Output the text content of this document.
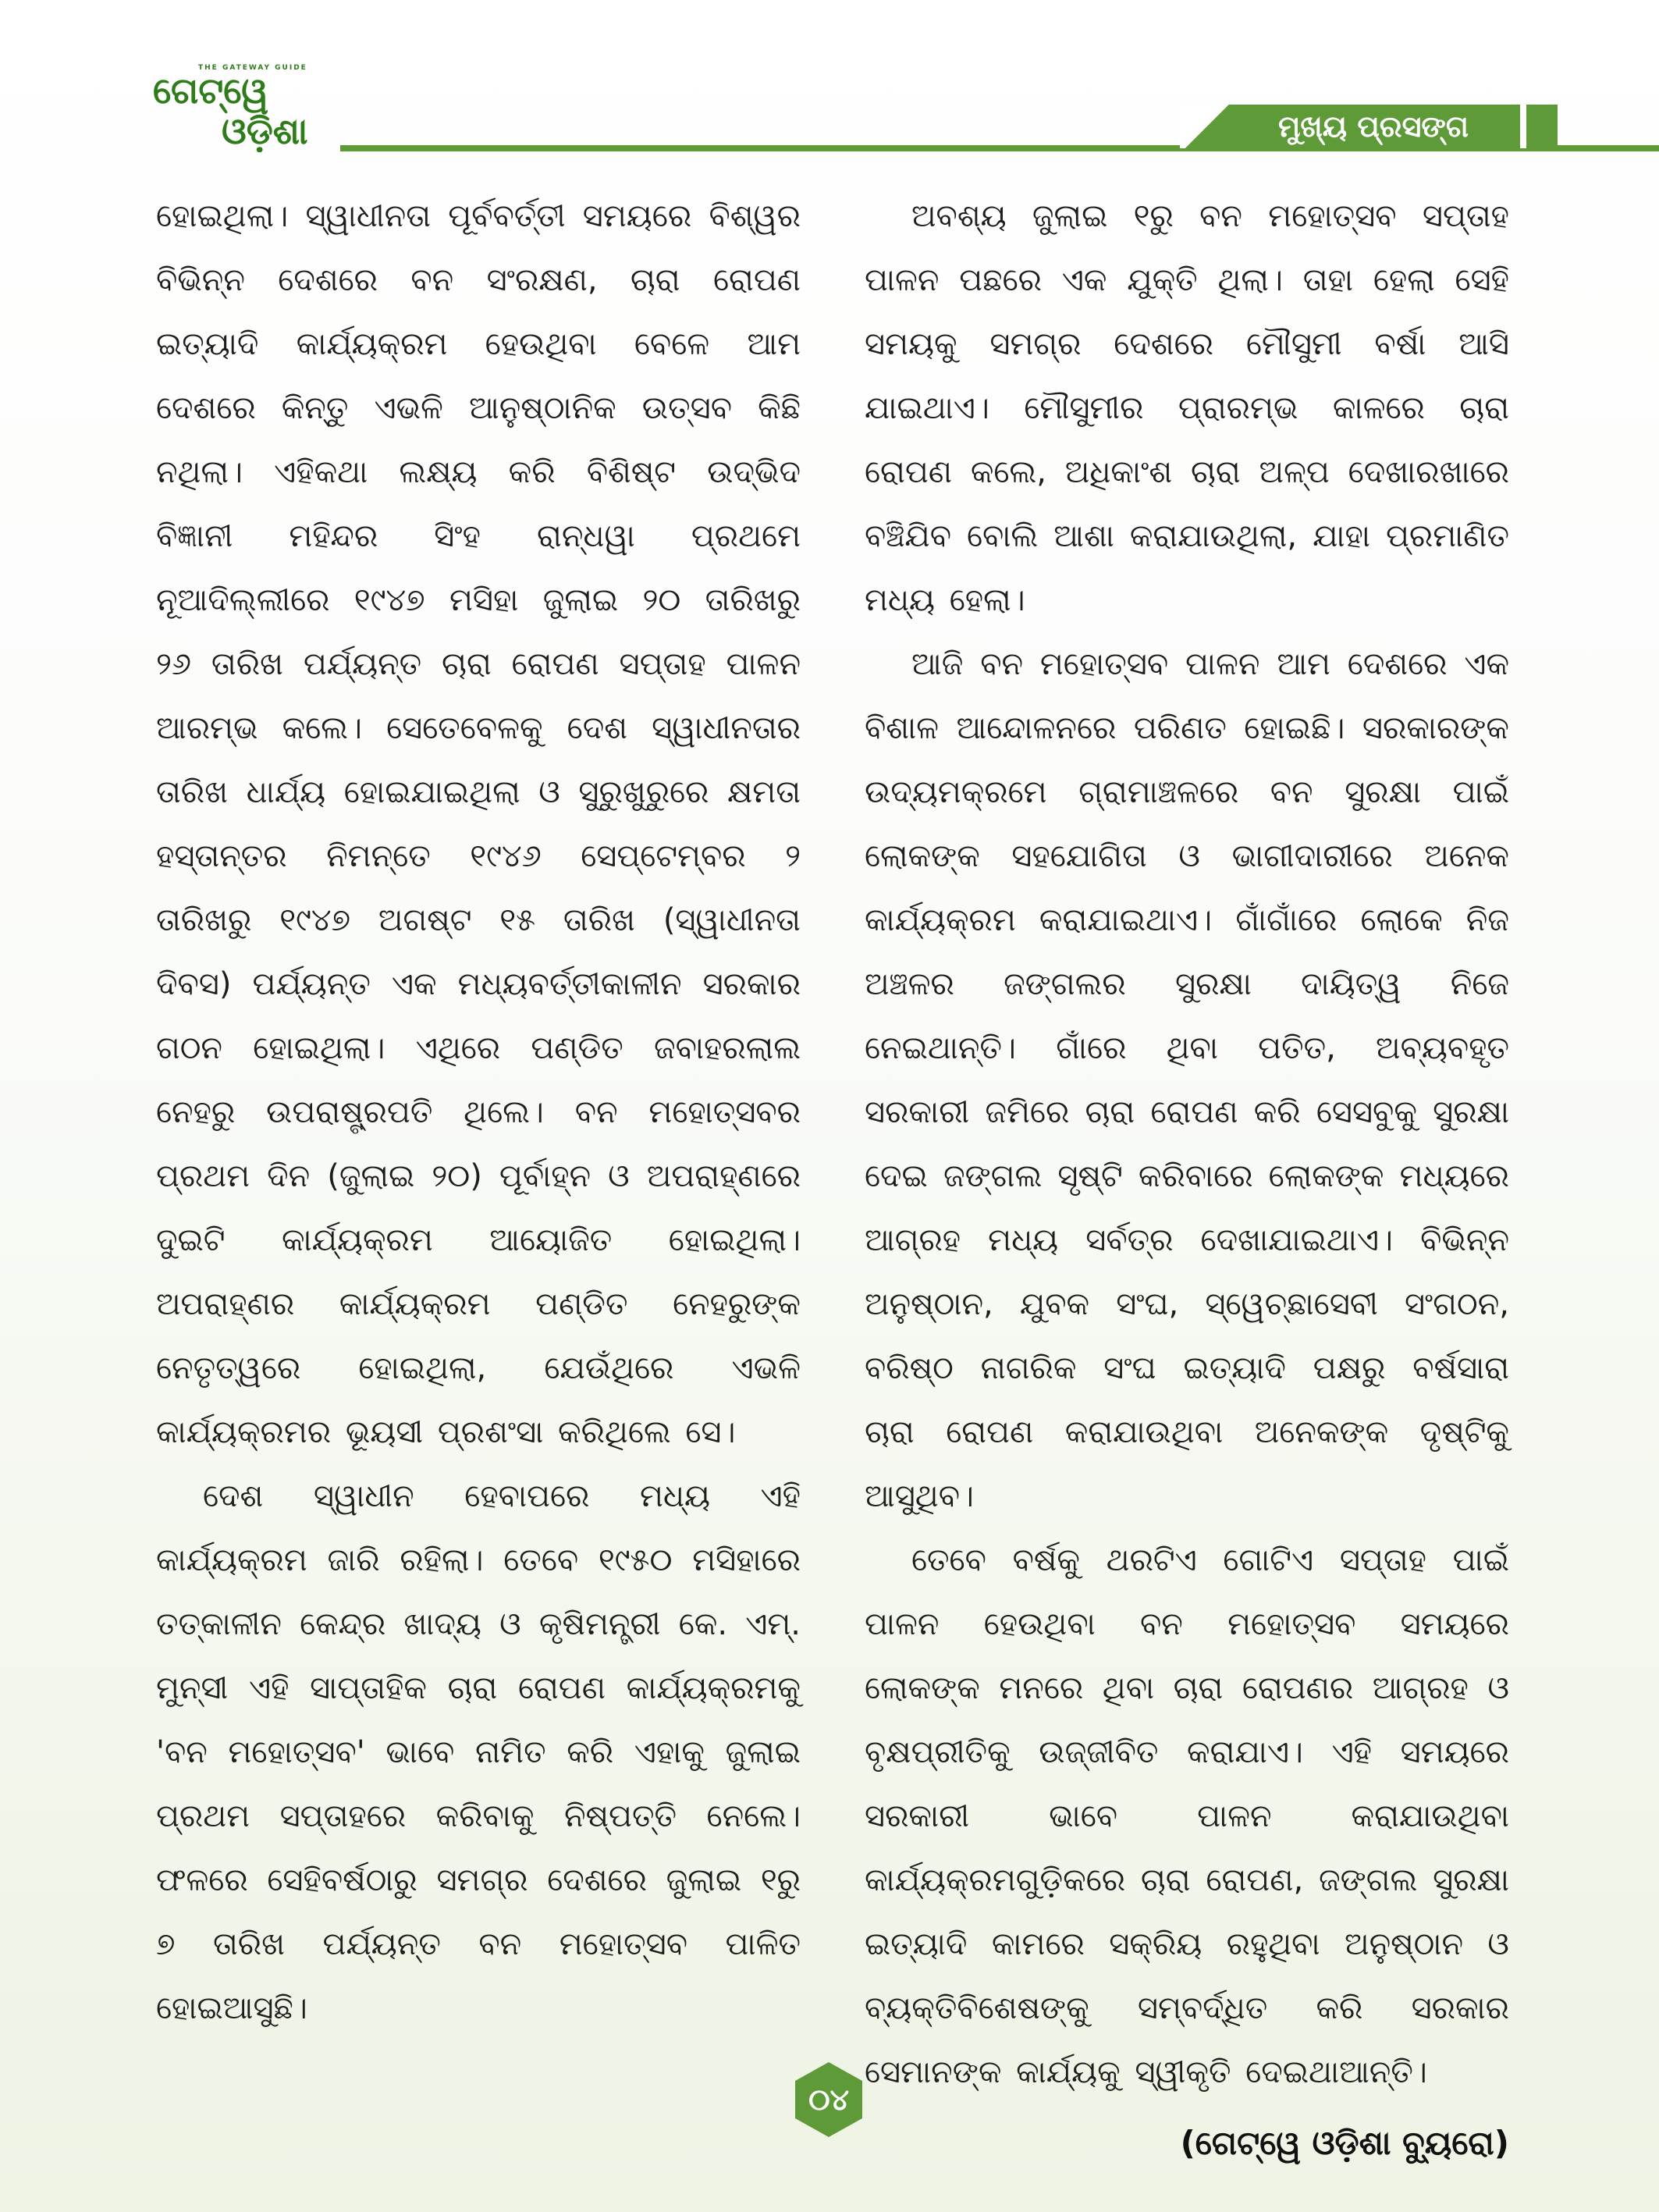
THE GATEWAY GUIDE
ଗେଟ୍‌ୱେ
ଓଡ଼ିଶା	ମୁଖ୍ୟ ପ୍ରସଙ୍ଗ

ହୋଇଥିଲା। ସ୍ୱାଧୀନତା ପୂର୍ବବର୍ତ୍ତୀ ସମୟରେ ବିଶ୍ୱର ବିଭିନ୍ନ ଦେଶରେ ବନ ସଂରକ୍ଷଣ, ଚାରା ରୋପଣ ଇତ୍ୟାଦି କାର୍ଯ୍ୟକ୍ରମ ହେଉଥିବା ବେଳେ ଆମ ଦେଶରେ କିନ୍ତୁ ଏଭଳି ଆନୁଷ୍ଠାନିକ ଉତ୍ସବ କିଛି ନଥିଲା। ଏହିକଥା ଲକ୍ଷ୍ୟ କରି ବିଶିଷ୍ଟ ଉଦ୍ଭିଦ ବିଜ୍ଞାନୀ ମହିନ୍ଦର ସିଂହ ରାନ୍ଧୱା ପ୍ରଥମେ ନୂଆଦିଲ୍ଲୀରେ ୧୯୪୭ ମସିହା ଜୁଲାଇ ୨୦ ତାରିଖରୁ ୨୬ ତାରିଖ ପର୍ଯ୍ୟନ୍ତ ଚାରା ରୋପଣ ସପ୍ତାହ ପାଳନ ଆରମ୍ଭ କଲେ। ସେତେବେଳକୁ ଦେଶ ସ୍ୱାଧୀନତାର ତାରିଖ ଧାର୍ଯ୍ୟ ହୋଇଯାଇଥିଲା ଓ ସୁରୁଖୁରୁରେ କ୍ଷମତା ହସ୍ତାନ୍ତର ନିମନ୍ତେ ୧୯୪୬ ସେପ୍ଟେମ୍ବର ୨ ତାରିଖରୁ ୧୯୪୭ ଅଗଷ୍ଟ ୧୫ ତାରିଖ (ସ୍ୱାଧୀନତା ଦିବସ) ପର୍ଯ୍ୟନ୍ତ ଏକ ମଧ୍ୟବର୍ତ୍ତୀକାଳୀନ ସରକାର ଗଠନ ହୋଇଥିଲା। ଏଥିରେ ପଣ୍ଡିତ ଜବାହରଲାଲ ନେହରୁ ଉପରାଷ୍ଟ୍ରପତି ଥିଲେ। ବନ ମହୋତ୍ସବର ପ୍ରଥମ ଦିନ (ଜୁଲାଇ ୨୦) ପୂର୍ବାହ୍ନ ଓ ଅପରାହ୍ଣରେ ଦୁଇଟି କାର୍ଯ୍ୟକ୍ରମ ଆୟୋଜିତ ହୋଇଥିଲା। ଅପରାହ୍ଣର କାର୍ଯ୍ୟକ୍ରମ ପଣ୍ଡିତ ନେହରୁଙ୍କ ନେତୃତ୍ୱରେ ହୋଇଥିଲା, ଯେଉଁଥିରେ ଏଭଳି କାର୍ଯ୍ୟକ୍ରମର ଭୂୟସୀ ପ୍ରଶଂସା କରିଥିଲେ ସେ।

ଦେଶ ସ୍ୱାଧୀନ ହେବାପରେ ମଧ୍ୟ ଏହି କାର୍ଯ୍ୟକ୍ରମ ଜାରି ରହିଲା। ତେବେ ୧୯୫୦ ମସିହାରେ ତତ୍କାଳୀନ କେନ୍ଦ୍ର ଖାଦ୍ୟ ଓ କୃଷିମନ୍ତ୍ରୀ କେ. ଏମ୍. ମୁନ୍‌ସୀ ଏହି ସାପ୍ତାହିକ ଚାରା ରୋପଣ କାର୍ଯ୍ୟକ୍ରମକୁ 'ବନ ମହୋତ୍ସବ' ଭାବେ ନାମିତ କରି ଏହାକୁ ଜୁଲାଇ ପ୍ରଥମ ସପ୍ତାହରେ କରିବାକୁ ନିଷ୍ପତ୍ତି ନେଲେ। ଫଳରେ ସେହିବର୍ଷଠାରୁ ସମଗ୍ର ଦେଶରେ ଜୁଲାଇ ୧ରୁ ୭ ତାରିଖ ପର୍ଯ୍ୟନ୍ତ ବନ ମହୋତ୍ସବ ପାଳିତ ହୋଇଆସୁଛି।

ଅବଶ୍ୟ ଜୁଲାଇ ୧ରୁ ବନ ମହୋତ୍ସବ ସପ୍ତାହ ପାଳନ ପଛରେ ଏକ ଯୁକ୍ତି ଥିଲା। ତାହା ହେଲା ସେହି ସମୟକୁ ସମଗ୍ର ଦେଶରେ ମୌସୁମୀ ବର୍ଷା ଆସି ଯାଇଥାଏ। ମୌସୁମୀର ପ୍ରାରମ୍ଭ କାଳରେ ଚାରା ରୋପଣ କଲେ, ଅଧିକାଂଶ ଚାରା ଅଳ୍ପ ଦେଖାରଖାରେ ବଞ୍ଚିଯିବ ବୋଲି ଆଶା କରାଯାଉଥିଲା, ଯାହା ପ୍ରମାଣିତ ମଧ୍ୟ ହେଲା।

ଆଜି ବନ ମହୋତ୍ସବ ପାଳନ ଆମ ଦେଶରେ ଏକ ବିଶାଳ ଆନ୍ଦୋଳନରେ ପରିଣତ ହୋଇଛି। ସରକାରଙ୍କ ଉଦ୍ୟମକ୍ରମେ ଗ୍ରାମାଞ୍ଚଳରେ ବନ ସୁରକ୍ଷା ପାଇଁ ଲୋକଙ୍କ ସହଯୋଗିତା ଓ ଭାଗୀଦାରୀରେ ଅନେକ କାର୍ଯ୍ୟକ୍ରମ କରାଯାଇଥାଏ। ଗାଁଗାଁରେ ଲୋକେ ନିଜ ଅଞ୍ଚଳର ଜଙ୍ଗଲର ସୁରକ୍ଷା ଦାୟିତ୍ୱ ନିଜେ ନେଇଥାନ୍ତି। ଗାଁରେ ଥିବା ପତିତ, ଅବ୍ୟବହୃତ ସରକାରୀ ଜମିରେ ଚାରା ରୋପଣ କରି ସେସବୁକୁ ସୁରକ୍ଷା ଦେଇ ଜଙ୍ଗଲ ସୃଷ୍ଟି କରିବାରେ ଲୋକଙ୍କ ମଧ୍ୟରେ ଆଗ୍ରହ ମଧ୍ୟ ସର୍ବତ୍ର ଦେଖାଯାଇଥାଏ। ବିଭିନ୍ନ ଅନୁଷ୍ଠାନ, ଯୁବକ ସଂଘ, ସ୍ୱେଚ୍ଛାସେବୀ ସଂଗଠନ, ବରିଷ୍ଠ ନାଗରିକ ସଂଘ ଇତ୍ୟାଦି ପକ୍ଷରୁ ବର୍ଷସାରା ଚାରା ରୋପଣ କରାଯାଉଥିବା ଅନେକଙ୍କ ଦୃଷ୍ଟିକୁ ଆସୁଥିବ।

ତେବେ ବର୍ଷକୁ ଥରଟିଏ ଗୋଟିଏ ସପ୍ତାହ ପାଇଁ ପାଳନ ହେଉଥିବା ବନ ମହୋତ୍ସବ ସମୟରେ ଲୋକଙ୍କ ମନରେ ଥିବା ଚାରା ରୋପଣର ଆଗ୍ରହ ଓ ବୃକ୍ଷପ୍ରୀତିକୁ ଉଜ୍ଜୀବିତ କରାଯାଏ। ଏହି ସମୟରେ ସରକାରୀ ଭାବେ ପାଳନ କରାଯାଉଥିବା କାର୍ଯ୍ୟକ୍ରମଗୁଡ଼ିକରେ ଚାରା ରୋପଣ, ଜଙ୍ଗଲ ସୁରକ୍ଷା ଇତ୍ୟାଦି କାମରେ ସକ୍ରିୟ ରହୁଥିବା ଅନୁଷ୍ଠାନ ଓ ବ୍ୟକ୍ତିବିଶେଷଙ୍କୁ ସମ୍ବର୍ଦ୍ଧିତ କରି ସରକାର ସେମାନଙ୍କ କାର୍ଯ୍ୟକୁ ସ୍ୱୀକୃତି ଦେଇଥାଆନ୍ତି।

(ଗେଟ୍‌ୱେ ଓଡ଼ିଶା ବ୍ୟୁରୋ)

୦୪
